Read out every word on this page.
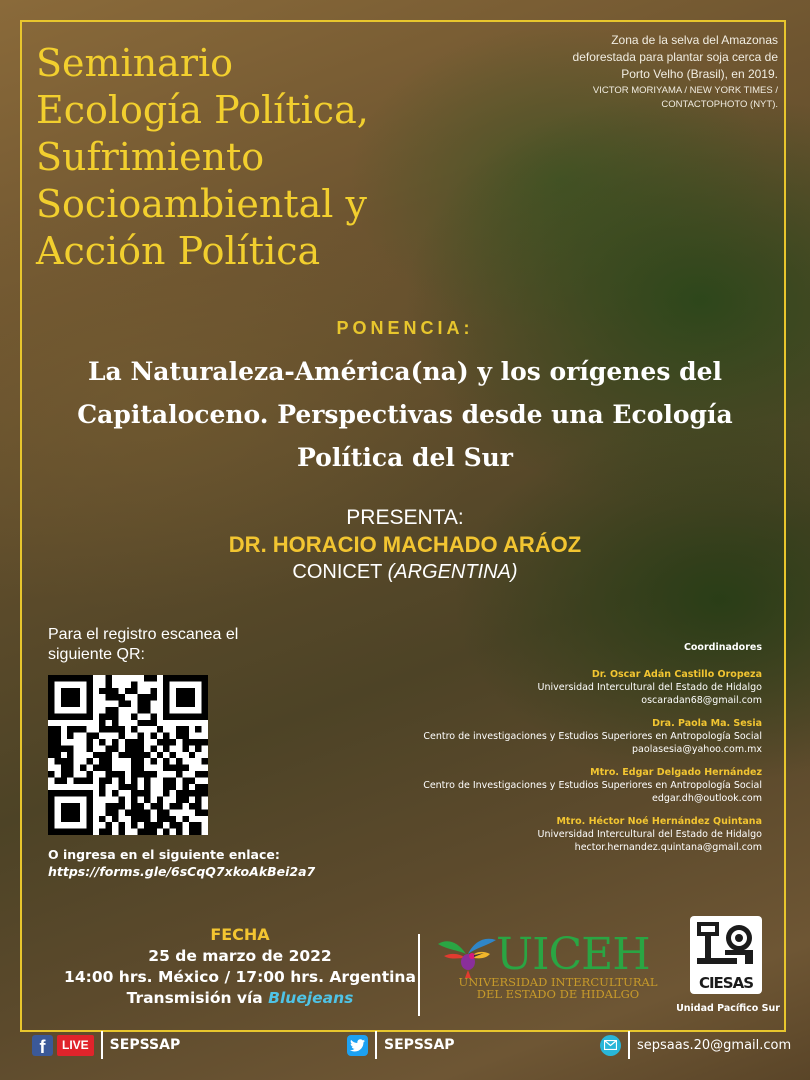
Seminario
Ecología Política,
Sufrimiento
Socioambiental y
Acción Política
Zona de la selva del Amazonas deforestada para plantar soja cerca de Porto Velho (Brasil), en 2019.
VICTOR MORIYAMA / NEW YORK TIMES / CONTACTOPHOTO (NYT).
PONENCIA:
La Naturaleza-América(na) y los orígenes del Capitaloceno. Perspectivas desde una Ecología Política del Sur
PRESENTA:
DR. HORACIO MACHADO ARÁOZ
CONICET (ARGENTINA)
Para el registro escanea el siguiente QR:
O ingresa en el siguiente enlace:
https://forms.gle/6sCqQ7xkoAkBei2a7
Coordinadores
Dr. Oscar Adán Castillo Oropeza
Universidad Intercultural del Estado de Hidalgo
oscaradan68@gmail.com
Dra. Paola Ma. Sesia
Centro de investigaciones y Estudios Superiores en Antropología Social
paolasesia@yahoo.com.mx
Mtro. Edgar Delgado Hernández
Centro de Investigaciones y Estudios Superiores en Antropología Social
edgar.dh@outlook.com
Mtro. Héctor Noé Hernández Quintana
Universidad Intercultural del Estado de Hidalgo
hector.hernandez.quintana@gmail.com
FECHA
25 de marzo de 2022
14:00 hrs. México / 17:00 hrs. Argentina
Transmisión vía Bluejeans
UICEH
UNIVERSIDAD INTERCULTURAL
DEL ESTADO DE HIDALGO
CIESAS
Unidad Pacífico Sur
f	LIVE	SEPSSAP	SEPSSAP	sepsaas.20@gmail.com
